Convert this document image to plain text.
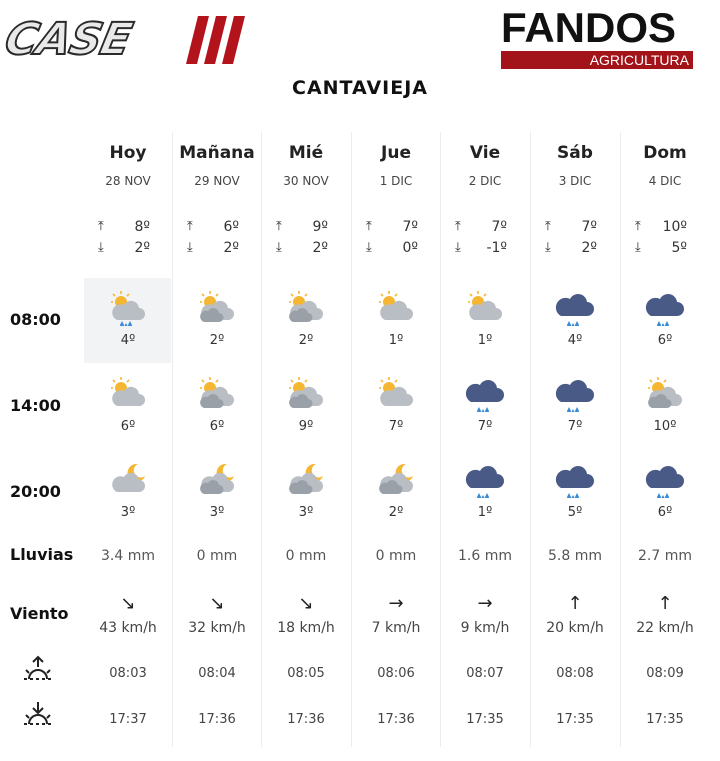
CASE	FANDOS
AGRICULTURA
CANTAVIEJA
08:00
14:00
20:00
Lluvias
Viento
Hoy
28 NOV
⤒ 8º
⤓ 2º
4º
6º
3º
3.4 mm
↘
43 km/h
08:03
17:37
Mañana
29 NOV
⤒ 6º
⤓ 2º
2º
6º
3º
0 mm
↘
32 km/h
08:04
17:36
Mié
30 NOV
⤒ 9º
⤓ 2º
2º
9º
3º
0 mm
↘
18 km/h
08:05
17:36
Jue
1 DIC
⤒ 7º
⤓ 0º
1º
7º
2º
0 mm
→
7 km/h
08:06
17:36
Vie
2 DIC
⤒ 7º
⤓ -1º
1º
7º
1º
1.6 mm
→
9 km/h
08:07
17:35
Sáb
3 DIC
⤒ 7º
⤓ 2º
4º
7º
5º
5.8 mm
↑
20 km/h
08:08
17:35
Dom
4 DIC
⤒ 10º
⤓ 5º
6º
10º
6º
2.7 mm
↑
22 km/h
08:09
17:35
